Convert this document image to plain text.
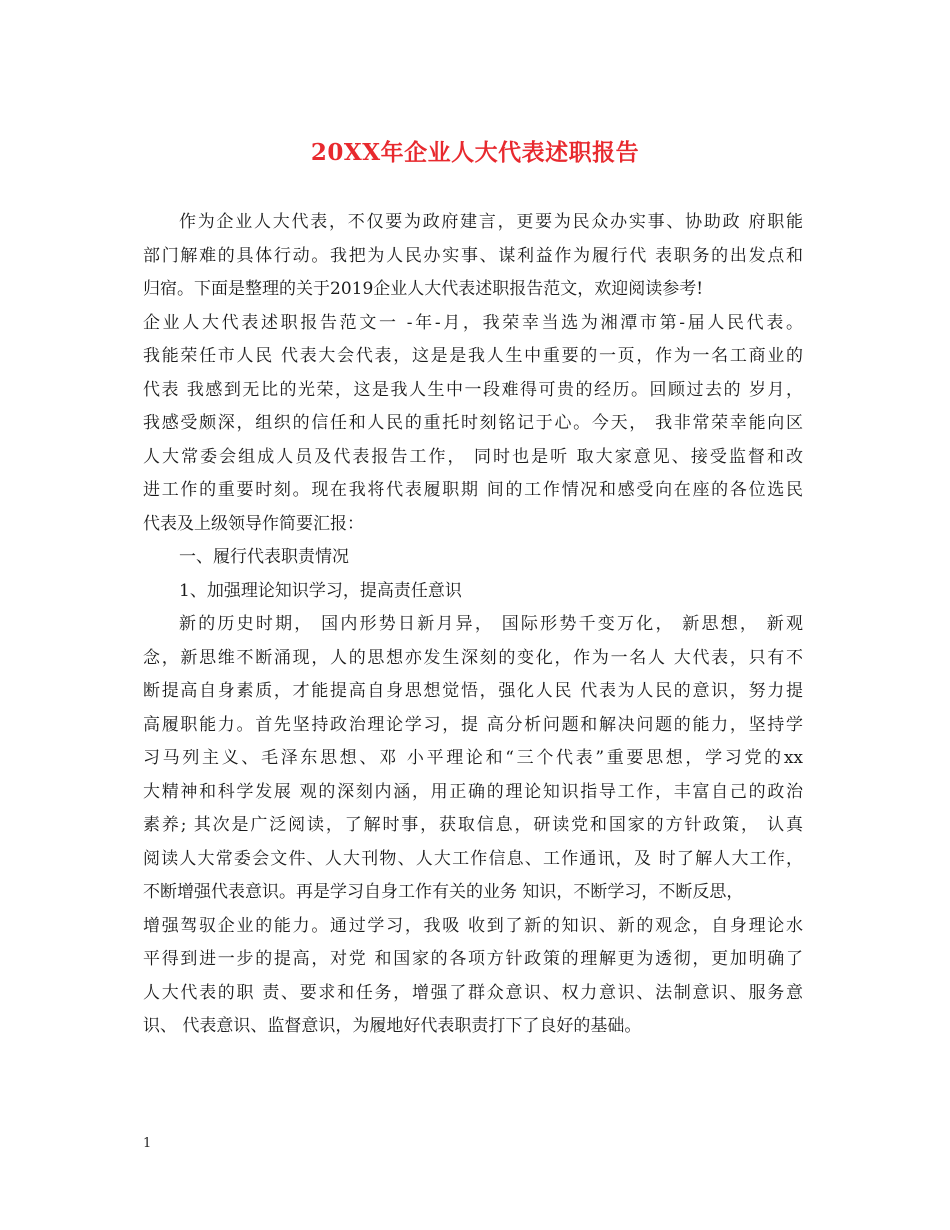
20XX年企业人大代表述职报告
作为企业人大代表，不仅要为政府建言，更要为民众办实事、协助政 府职能
部门解难的具体行动。我把为人民办实事、谋利益作为履行代 表职务的出发点和
归宿。下面是整理的关于2019企业人大代表述职报告范文，欢迎阅读参考!
企业人大代表述职报告范文一 -年-月，我荣幸当选为湘潭市第-届人民代表。
我能荣任市人民 代表大会代表，这是是我人生中重要的一页，作为一名工商业的
代表 我感到无比的光荣，这是我人生中一段难得可贵的经历。回顾过去的 岁月，
我感受颇深，组织的信任和人民的重托时刻铭记于心。今天， 我非常荣幸能向区
人大常委会组成人员及代表报告工作， 同时也是听 取大家意见、接受监督和改
进工作的重要时刻。现在我将代表履职期 间的工作情况和感受向在座的各位选民
代表及上级领导作简要汇报：
一、履行代表职责情况
1、加强理论知识学习，提高责任意识
新的历史时期， 国内形势日新月异， 国际形势千变万化， 新思想， 新观
念，新思维不断涌现，人的思想亦发生深刻的变化，作为一名人 大代表，只有不
断提高自身素质，才能提高自身思想觉悟，强化人民 代表为人民的意识，努力提
高履职能力。首先坚持政治理论学习，提 高分析问题和解决问题的能力，坚持学
习马列主义、毛泽东思想、邓 小平理论和“三个代表”重要思想，学习党的xx
大精神和科学发展 观的深刻内涵，用正确的理论知识指导工作，丰富自己的政治
素养; 其次是广泛阅读，了解时事，获取信息，研读党和国家的方针政策， 认真
阅读人大常委会文件、人大刊物、人大工作信息、工作通讯，及 时了解人大工作，
不断增强代表意识。再是学习自身工作有关的业务 知识，不断学习，不断反思，
增强驾驭企业的能力。通过学习，我吸 收到了新的知识、新的观念，自身理论水
平得到进一步的提高，对党 和国家的各项方针政策的理解更为透彻，更加明确了
人大代表的职 责、要求和任务，增强了群众意识、权力意识、法制意识、服务意
识、 代表意识、监督意识，为履地好代表职责打下了良好的基础。
1
